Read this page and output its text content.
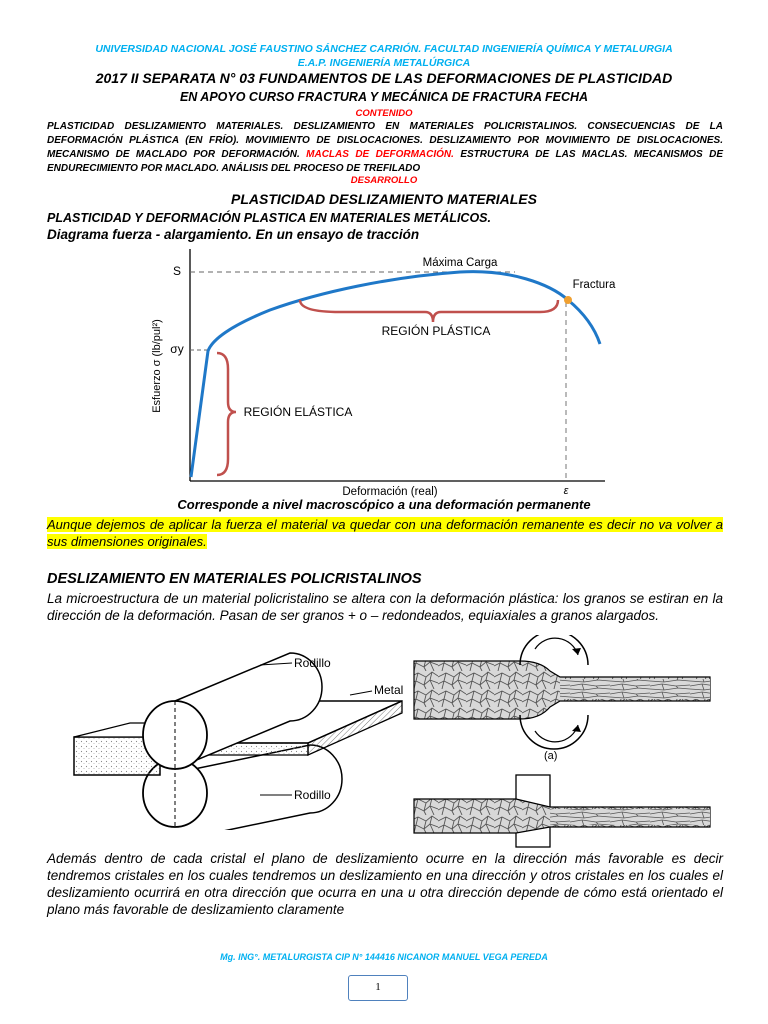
UNIVERSIDAD NACIONAL JOSÉ FAUSTINO SÁNCHEZ CARRIÓN. FACULTAD INGENIERÍA QUÍMICA Y METALURGIA
E.A.P. INGENIERÍA METALÚRGICA
2017 II SEPARATA N° 03 FUNDAMENTOS DE LAS DEFORMACIONES DE PLASTICIDAD
EN APOYO CURSO FRACTURA Y MECÁNICA DE FRACTURA FECHA
CONTENIDO
PLASTICIDAD DESLIZAMIENTO MATERIALES. DESLIZAMIENTO EN MATERIALES POLICRISTALINOS. CONSECUENCIAS DE LA DEFORMACIÓN PLÁSTICA (EN FRÍO). MOVIMIENTO DE DISLOCACIONES. DESLIZAMIENTO POR MOVIMIENTO DE DISLOCACIONES. MECANISMO DE MACLADO POR DEFORMACIÓN. MACLAS DE DEFORMACIÓN. ESTRUCTURA DE LAS MACLAS. MECANISMOS DE ENDURECIMIENTO POR MACLADO. ANÁLISIS DEL PROCESO DE TREFILADO
DESARROLLO
PLASTICIDAD DESLIZAMIENTO MATERIALES
PLASTICIDAD Y DEFORMACIÓN PLASTICA EN MATERIALES METÁLICOS.
Diagrama fuerza - alargamiento. En un ensayo de tracción
S
σy
ε
Esfuerzo σ (lb/pul²)
Deformación (real)
Máxima Carga
Fractura
REGIÓN PLÁSTICA
REGIÓN ELÁSTICA
Corresponde a nivel macroscópico a una deformación permanente
Aunque dejemos de aplicar la fuerza el material va quedar con una deformación remanente es decir no va volver a sus dimensiones originales.
DESLIZAMIENTO EN MATERIALES POLICRISTALINOS
La microestructura de un material policristalino se altera con la deformación plástica: los granos se estiran en la dirección de la deformación. Pasan de ser granos + o – redondeados, equiaxiales a granos alargados.
Rodillo
Metal
Rodillo
(a)
Además dentro de cada cristal el plano de deslizamiento ocurre en la dirección más favorable es decir tendremos cristales en los cuales tendremos un deslizamiento en una dirección y otros cristales en los cuales el deslizamiento ocurrirá en otra dirección que ocurra en una u otra dirección depende de cómo está orientado el plano más favorable de deslizamiento claramente
Mg. ING°. METALURGISTA CIP N° 144416 NICANOR MANUEL VEGA PEREDA
1
